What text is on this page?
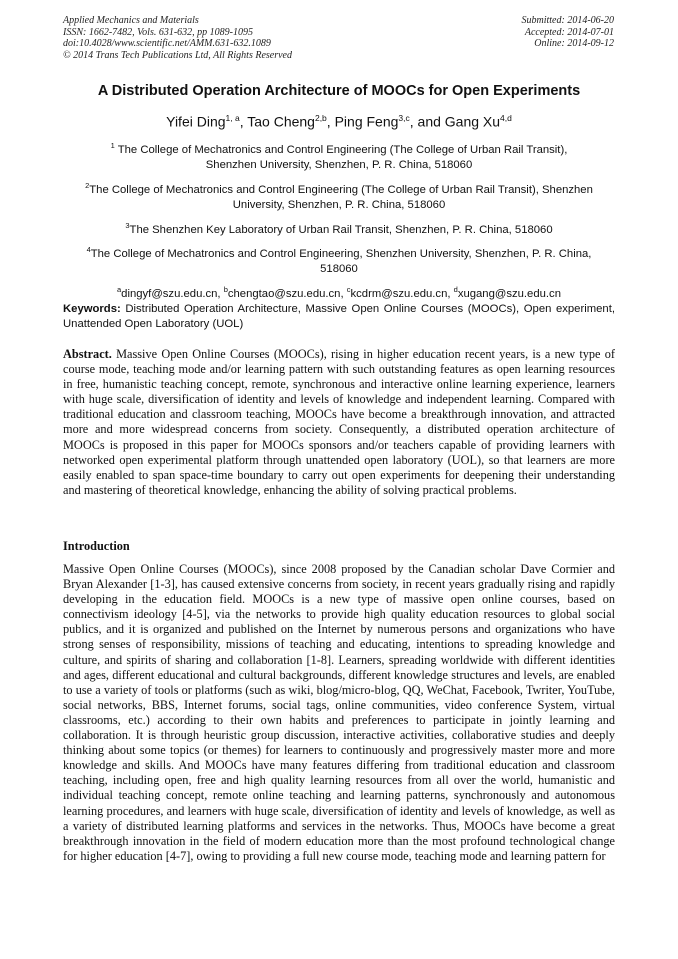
Applied Mechanics and Materials
ISSN: 1662-7482, Vols. 631-632, pp 1089-1095
doi:10.4028/www.scientific.net/AMM.631-632.1089
© 2014 Trans Tech Publications Ltd, All Rights Reserved
Submitted: 2014-06-20
Accepted: 2014-07-01
Online: 2014-09-12
A Distributed Operation Architecture of MOOCs for Open Experiments
Yifei Ding$^{1, a}$, Tao Cheng$^{2,b}$, Ping Feng$^{3,c}$, and Gang Xu$^{4,d}$
$^1$ The College of Mechatronics and Control Engineering (The College of Urban Rail Transit), Shenzhen University, Shenzhen, P. R. China, 518060
$^2$The College of Mechatronics and Control Engineering (The College of Urban Rail Transit), Shenzhen University, Shenzhen, P. R. China, 518060
$^3$The Shenzhen Key Laboratory of Urban Rail Transit, Shenzhen, P. R. China, 518060
$^4$The College of Mechatronics and Control Engineering, Shenzhen University, Shenzhen, P. R. China, 518060
$^a$dingyf@szu.edu.cn, $^b$chengtao@szu.edu.cn, $^c$kcdrm@szu.edu.cn, $^d$xugang@szu.edu.cn
Keywords: Distributed Operation Architecture, Massive Open Online Courses (MOOCs), Open experiment, Unattended Open Laboratory (UOL)
Abstract. Massive Open Online Courses (MOOCs), rising in higher education recent years, is a new type of course mode, teaching mode and/or learning pattern with such outstanding features as open learning resources in free, humanistic teaching concept, remote, synchronous and interactive online learning experience, learners with huge scale, diversification of identity and levels of knowledge and independent learning. Compared with traditional education and classroom teaching, MOOCs have become a breakthrough innovation, and attracted more and more widespread concerns from society. Consequently, a distributed operation architecture of MOOCs is proposed in this paper for MOOCs sponsors and/or teachers capable of providing learners with networked open experimental platform through unattended open laboratory (UOL), so that learners are more easily enabled to span space-time boundary to carry out open experiments for deepening their understanding and mastering of theoretical knowledge, enhancing the ability of solving practical problems.
Introduction
Massive Open Online Courses (MOOCs), since 2008 proposed by the Canadian scholar Dave Cormier and Bryan Alexander [1-3], has caused extensive concerns from society, in recent years gradually rising and rapidly developing in the education field. MOOCs is a new type of massive open online courses, based on connectivism ideology [4-5], via the networks to provide high quality education resources to global social publics, and it is organized and published on the Internet by numerous persons and organizations who have strong senses of responsibility, missions of teaching and educating, intentions to spreading knowledge and culture, and spirits of sharing and collaboration [1-8]. Learners, spreading worldwide with different identities and ages, different educational and cultural backgrounds, different knowledge structures and levels, are enabled to use a variety of tools or platforms (such as wiki, blog/micro-blog, QQ, WeChat, Facebook, Twriter, YouTube, social networks, BBS, Internet forums, social tags, online communities, video conference System, virtual classrooms, etc.) according to their own habits and preferences to participate in jointly learning and collaboration. It is through heuristic group discussion, interactive activities, collaborative studies and deeply thinking about some topics (or themes) for learners to continuously and progressively master more and more knowledge and skills. And MOOCs have many features differing from traditional education and classroom teaching, including open, free and high quality learning resources from all over the world, humanistic and individual teaching concept, remote online teaching and learning patterns, synchronously and autonomous learning procedures, and learners with huge scale, diversification of identity and levels of knowledge, as well as a variety of distributed learning platforms and services in the networks. Thus, MOOCs have become a great breakthrough innovation in the field of modern education more than the most profound technological change for higher education [4-7], owing to providing a full new course mode, teaching mode and learning pattern for
